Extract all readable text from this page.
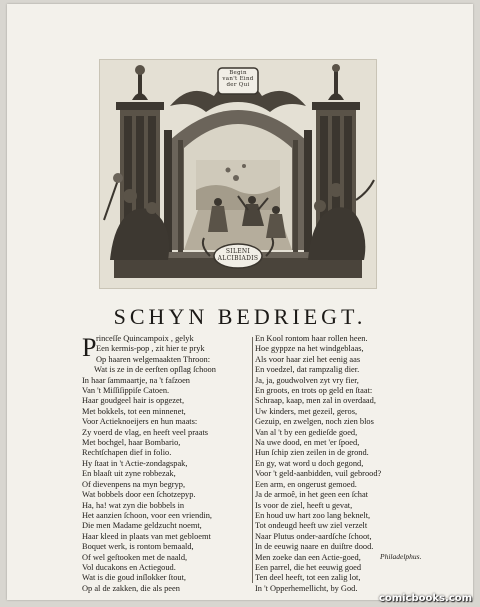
Begin
van't Eind
der Qui
SILENI
ALCIBIADIS
SCHYN BEDRIEGT.
P rinceſſe Quincampoix , gelyk
Een kermis-pop , zit hier te pryk
Op haaren welgemaakten Throon:
Wat is ze in de eerſten opſlag ſchoon
In haar ſammaartje, na 't faſzoen
Van 't Miſſiſippiſe Catoen.
Haar goudgeel hair is opgezet,
Met bokkels, tot een minnenet,
Voor Actieknoeijers en hun maats:
Zy voerd de vlag, en heeft veel praats
Met bochgel, haar Bombario,
Rechtſchapen dief in folio.
Hy ſtaat in 't Actie-zondagspak,
En blaaſt uit zyne robbezak,
Of dievenpens na myn begryp,
Wat bobbels door een ſchotzepyp.
Ha, ha! wat zyn die bobbels in
Het aanzien ſchoon, voor een vriendin,
Die men Madame geldzucht noemt,
Haar kleed in plaats van met gebloemt
Boquet werk, is rontom bemaald,
Of wel geſtooken met de naald,
Vol ducakons en Actiegoud.
Wat is die goud inſlokker ſtout,
Op al de zakken, die als peen
En Kool rontom haar rollen heen.
Hoe gyppze na het windgeblaas,
Als voor haar ziel het eenig aas
En voedzel, dat rampzalig dier.
Ja, ja, goudwolven zyt vry fier,
En groots, en trots op geld en ſtaat:
Schraap, kaap, men zal in overdaad,
Uw kinders, met gezeil, geros,
Gezuip, en zwelgen, noch zien blos
Van al 't by een gedieſde goed,
Na uwe dood, en met 'er ſpoed,
Hun ſchip zien zeilen in de grond.
En gy, wat word u doch gegond,
Voor 't geld-aanbidden, vuil gebrood?
Een arm, en ongerust gemoed.
Ja de armoê, in het geen een ſchat
Is voor de ziel, heeft u gevat,
En houd uw hart zoo lang beknelt,
Tot ondeugd heeft uw ziel verzelt
Naar Plutus onder-aardſche ſchoot,
In de eeuwig naare en duiſtre dood.
Men zoeke dan een Actie-goed,
Een parrel, die het eeuwig goed
Ten deel heeft, tot een zalig lot,
In 't Opperhemellicht, by God.
Philadelphus.
comicbooks.com
